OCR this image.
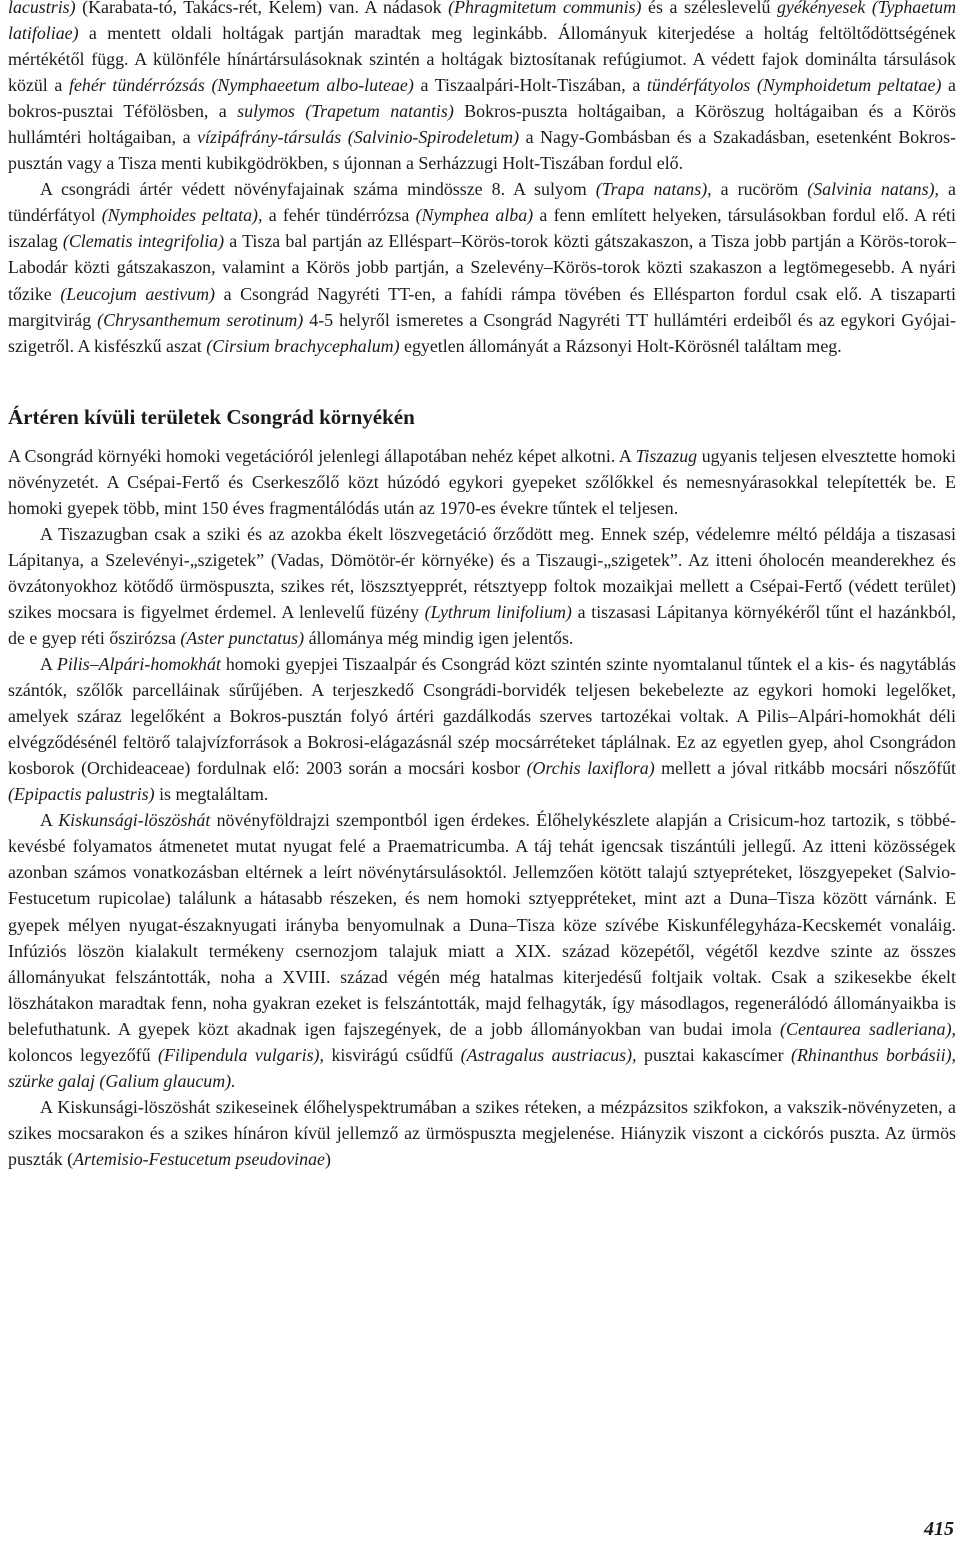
lacustris) (Karabata-tó, Takács-rét, Kelem) van. A nádasok (Phragmitetum communis) és a széleslevelű gyékényesek (Typhaetum latifoliae) a mentett oldali holtágak partján maradtak meg leginkább. Állományuk kiterjedése a holtág feltöltődöttségének mértékétől függ. A különféle hínártársulásoknak szintén a holtágak biztosítanak refúgiumot. A védett fajok dominálta társulások közül a fehér tündérrózsás (Nymphaeetum albo-luteae) a Tiszaalpári-Holt-Tiszában, a tündérfátyolos (Nymphoidetum peltatae) a bokros-pusztai Téfölösben, a sulymos (Trapetum natantis) Bokros-puszta holtágaiban, a Köröszug holtágaiban és a Körös hullámtéri holtágaiban, a vízipáfrány-társulás (Salvinio-Spirodeletum) a Nagy-Gombásban és a Szakadásban, esetenként Bokros-pusztán vagy a Tisza menti kubikgödrökben, s újonnan a Serházzugi Holt-Tiszában fordul elő.

A csongrádi ártér védett növényfajainak száma mindössze 8. A sulyom (Trapa natans), a rucöröm (Salvinia natans), a tündérfátyol (Nymphoides peltata), a fehér tündérrózsa (Nymphea alba) a fenn említett helyeken, társulásokban fordul elő. A réti iszalag (Clematis integrifolia) a Tisza bal partján az Elléspart–Körös-torok közti gátszakaszon, a Tisza jobb partján a Körös-torok–Labodár közti gátszakaszon, valamint a Körös jobb partján, a Szelevény–Körös-torok közti szakaszon a legtömegesebb. A nyári tőzike (Leucojum aestivum) a Csongrád Nagyréti TT-en, a fahídi rámpa tövében és Ellésparton fordul csak elő. A tiszaparti margitvirág (Chrysanthemum serotinum) 4-5 helyről ismeretes a Csongrád Nagyréti TT hullámtéri erdeiből és az egykori Gyójai-szigetről. A kisfészkű aszat (Cirsium brachycephalum) egyetlen állományát a Rázsonyi Holt-Körösnél találtam meg.

Ártéren kívüli területek Csongrád környékén

A Csongrád környéki homoki vegetációról jelenlegi állapotában nehéz képet alkotni. A Tiszazug ugyanis teljesen elvesztette homoki növényzetét. A Csépai-Fertő és Cserkeszőlő közt húzódó egykori gyepeket szőlőkkel és nemesnyárasokkal telepítették be. E homoki gyepek több, mint 150 éves fragmentálódás után az 1970-es évekre tűntek el teljesen.

A Tiszazugban csak a sziki és az azokba ékelt löszvegetáció őrződött meg. Ennek szép, védelemre méltó példája a tiszasasi Lápitanya, a Szelevényi-„szigetek” (Vadas, Dömötör-ér környéke) és a Tiszaugi-„szigetek”. Az itteni óholocén meanderekhez és övzátonyokhoz kötődő ürmöspuszta, szikes rét, löszsztyepprét, rétsztyepp foltok mozaikjai mellett a Csépai-Fertő (védett terület) szikes mocsara is figyelmet érdemel. A lenlevelű füzény (Lythrum linifolium) a tiszasasi Lápitanya környékéről tűnt el hazánkból, de e gyep réti őszirózsa (Aster punctatus) állománya még mindig igen jelentős.

A Pilis–Alpári-homokhát homoki gyepjei Tiszaalpár és Csongrád közt szintén szinte nyomtalanul tűntek el a kis- és nagytáblás szántók, szőlők parcelláinak sűrűjében. A terjeszkedő Csongrádi-borvidék teljesen bekebelezte az egykori homoki legelőket, amelyek száraz legelőként a Bokros-pusztán folyó ártéri gazdálkodás szerves tartozékai voltak. A Pilis–Alpári-homokhát déli elvégződésénél feltörő talajvízforrások a Bokrosi-elágazásnál szép mocsárréteket táplálnak. Ez az egyetlen gyep, ahol Csongrádon kosborok (Orchideaceae) fordulnak elő: 2003 során a mocsári kosbor (Orchis laxiflora) mellett a jóval ritkább mocsári nőszőfűt (Epipactis palustris) is megtaláltam.

A Kiskunsági-löszöshát növényföldrajzi szempontból igen érdekes. Élőhelykészlete alapján a Crisicum-hoz tartozik, s többé-kevésbé folyamatos átmenetet mutat nyugat felé a Praematricumba. A táj tehát igencsak tiszántúli jellegű. Az itteni közösségek azonban számos vonatkozásban eltérnek a leírt növénytársulásoktól. Jellemzően kötött talajú sztyepréteket, löszgyepeket (Salvio-Festucetum rupicolae) találunk a hátasabb részeken, és nem homoki sztyeppréteket, mint azt a Duna–Tisza között várnánk. E gyepek mélyen nyugat-északnyugati irányba benyomulnak a Duna–Tisza köze szívébe Kiskunfélegyháza-Kecskemét vonaláig. Infúziós löszön kialakult termékeny csernozjom talajuk miatt a XIX. század közepétől, végétől kezdve szinte az összes állományukat felszántották, noha a XVIII. század végén még hatalmas kiterjedésű foltjaik voltak. Csak a szikesekbe ékelt löszhátakon maradtak fenn, noha gyakran ezeket is felszántották, majd felhagyták, így másodlagos, regenerálódó állományaikba is belefuthatunk. A gyepek közt akadnak igen fajszegények, de a jobb állományokban van budai imola (Centaurea sadleriana), koloncos legyezőfű (Filipendula vulgaris), kisvirágú csűdfű (Astragalus austriacus), pusztai kakascímer (Rhinanthus borbásii), szürke galaj (Galium glaucum).

A Kiskunsági-löszöshát szikeseinek élőhelyspektrumában a szikes réteken, a mézpázsitos szikfokon, a vakszik-növényzeten, a szikes mocsarakon és a szikes hínáron kívül jellemző az ürmöspuszta megjelenése. Hiányzik viszont a cickórós puszta. Az ürmös puszták (Artemisio-Festucetum pseudovinae)

415
